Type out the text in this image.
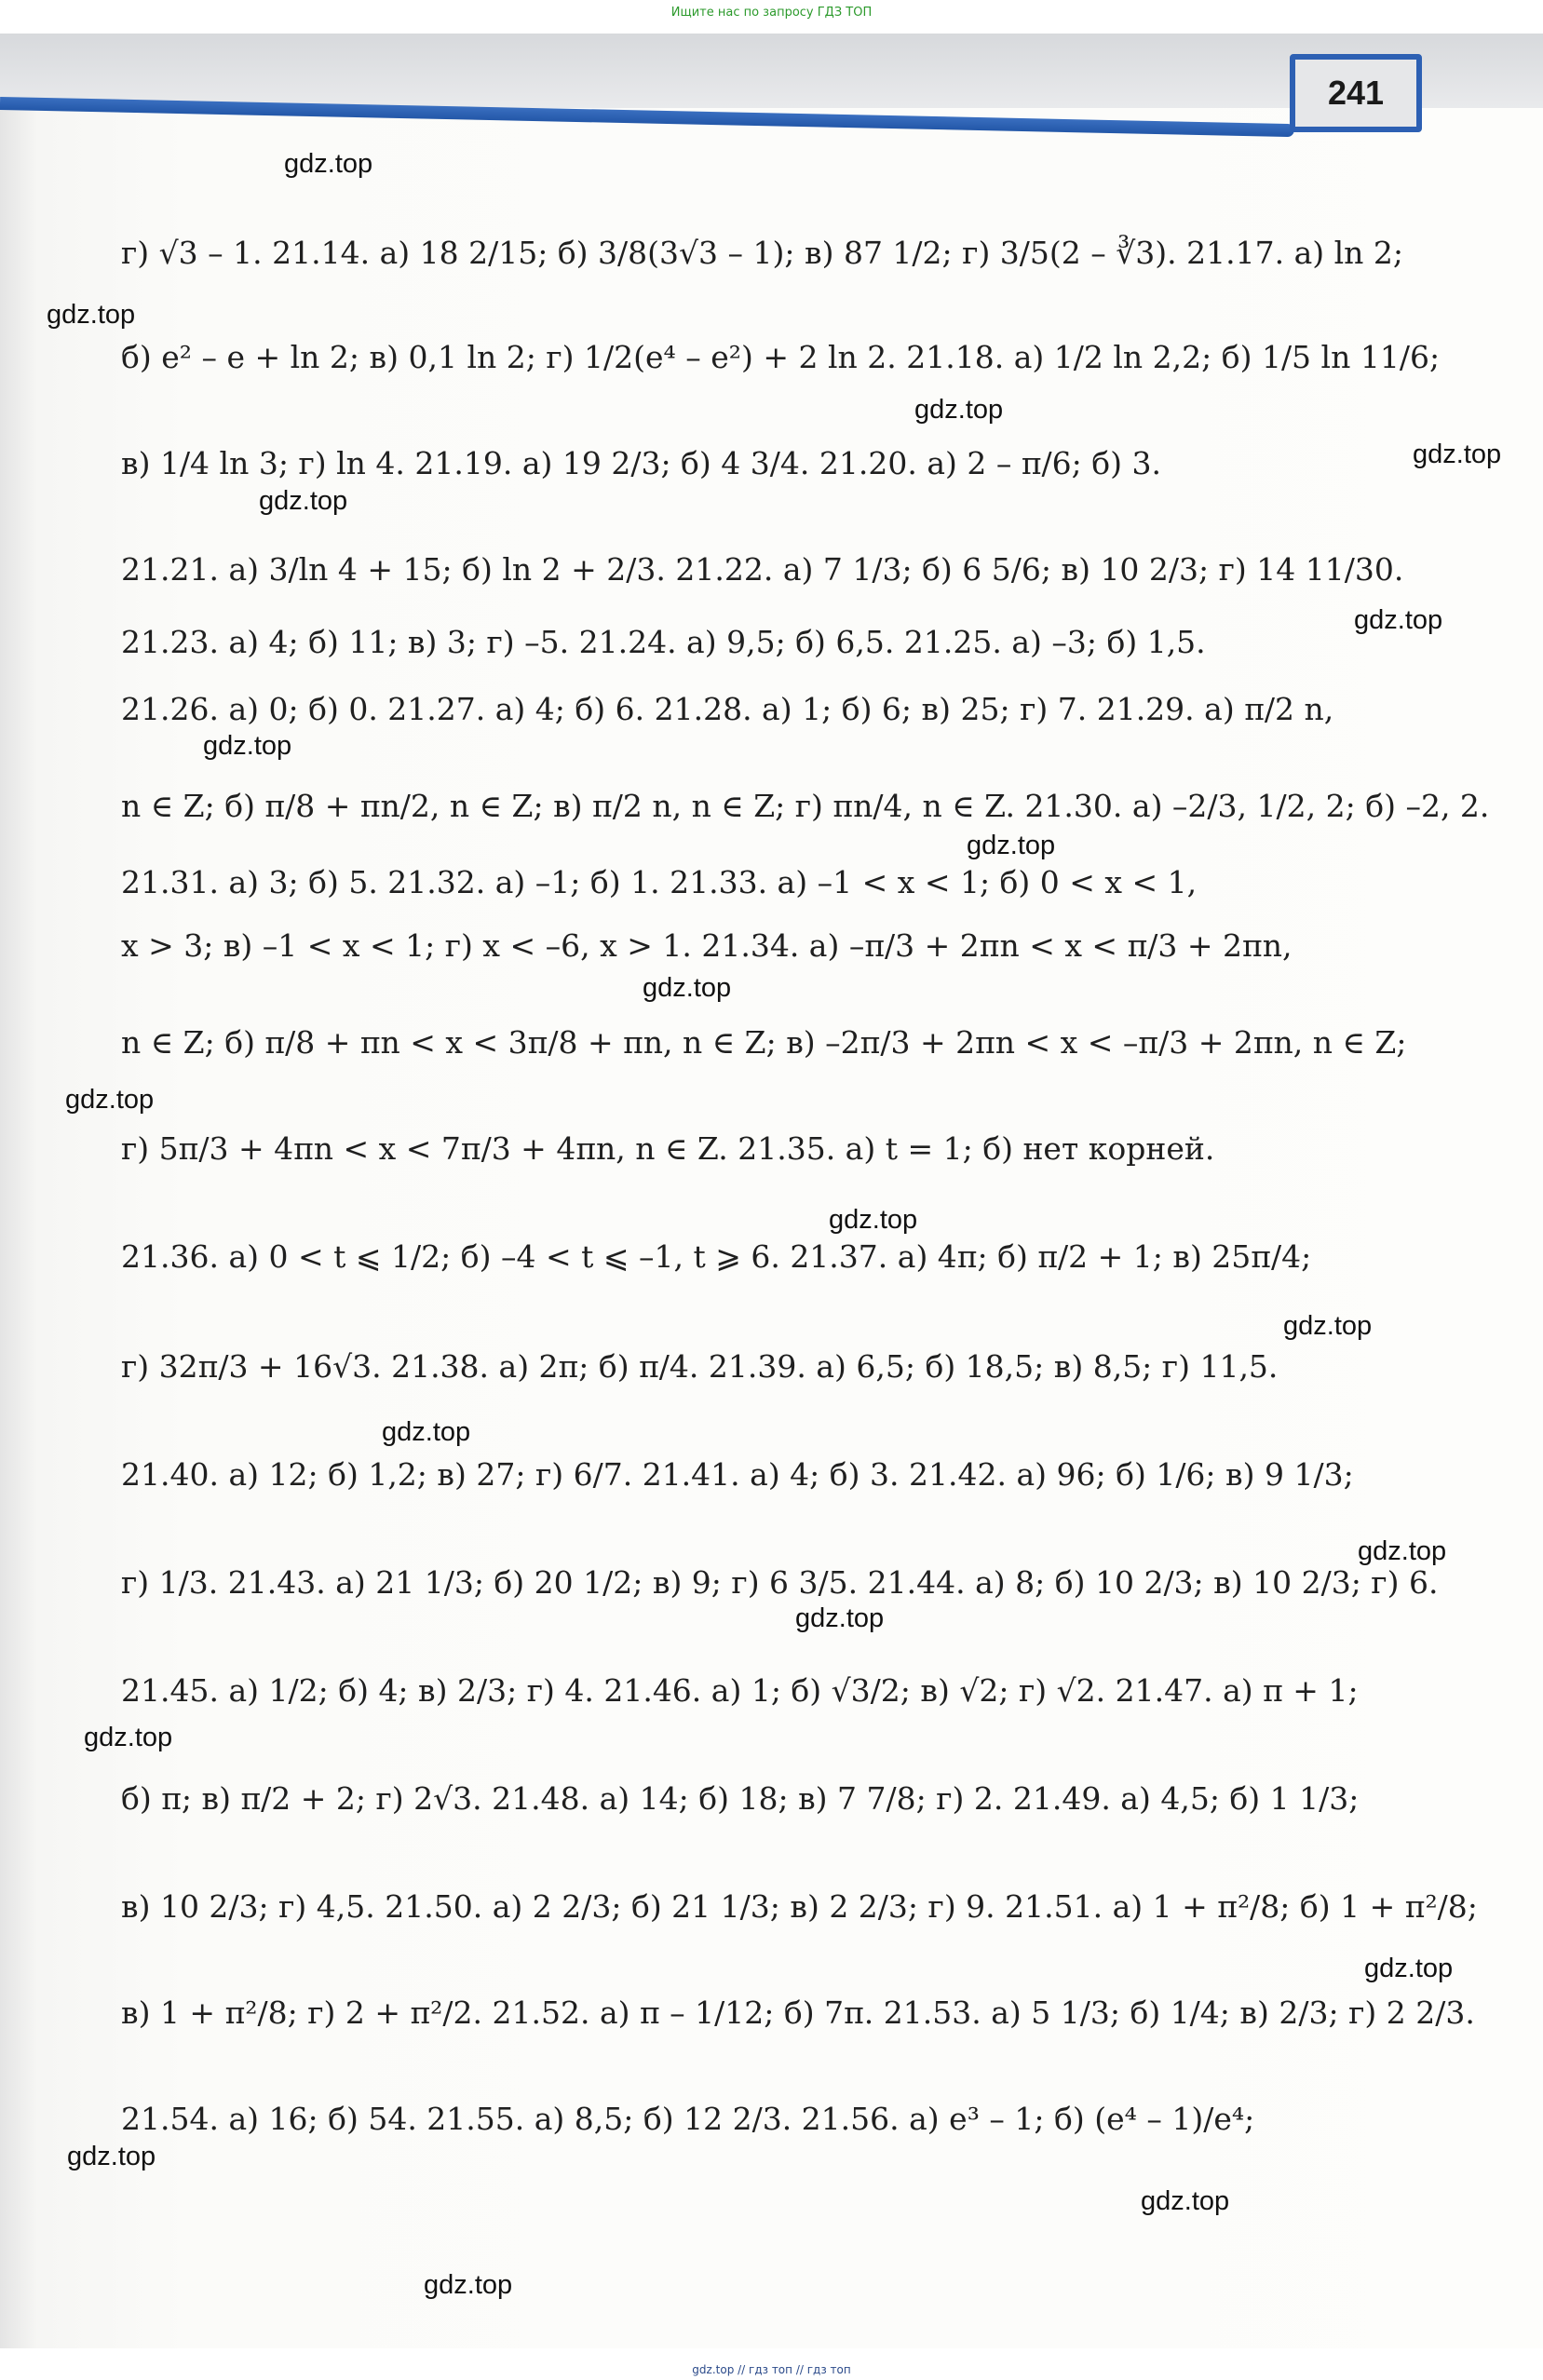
Ищите нас по запросу ГДЗ ТОП
241
г) √3 – 1. 21.14. а) 18 2/15; б) 3/8(3√3 – 1); в) 87 1/2; г) 3/5(2 – ∛3). 21.17. а) ln 2;
б) e² – e + ln 2; в) 0,1 ln 2; г) 1/2(e⁴ – e²) + 2 ln 2. 21.18. а) 1/2 ln 2,2; б) 1/5 ln 11/6;
в) 1/4 ln 3; г) ln 4. 21.19. а) 19 2/3; б) 4 3/4. 21.20. а) 2 – π/6; б) 3.
21.21. а) 3/ln 4 + 15; б) ln 2 + 2/3. 21.22. а) 7 1/3; б) 6 5/6; в) 10 2/3; г) 14 11/30.
21.23. а) 4; б) 11; в) 3; г) –5. 21.24. а) 9,5; б) 6,5. 21.25. а) –3; б) 1,5.
21.26. а) 0; б) 0. 21.27. а) 4; б) 6. 21.28. а) 1; б) 6; в) 25; г) 7. 21.29. а) π/2 n,
n ∈ Z; б) π/8 + πn/2, n ∈ Z; в) π/2 n, n ∈ Z; г) πn/4, n ∈ Z. 21.30. а) –2/3, 1/2, 2; б) –2, 2.
21.31. а) 3; б) 5. 21.32. а) –1; б) 1. 21.33. а) –1 < x < 1; б) 0 < x < 1,
x > 3; в) –1 < x < 1; г) x < –6, x > 1. 21.34. а) –π/3 + 2πn < x < π/3 + 2πn,
n ∈ Z; б) π/8 + πn < x < 3π/8 + πn, n ∈ Z; в) –2π/3 + 2πn < x < –π/3 + 2πn, n ∈ Z;
г) 5π/3 + 4πn < x < 7π/3 + 4πn, n ∈ Z. 21.35. а) t = 1; б) нет корней.
21.36. а) 0 < t ⩽ 1/2; б) –4 < t ⩽ –1, t ⩾ 6. 21.37. а) 4π; б) π/2 + 1; в) 25π/4;
г) 32π/3 + 16√3. 21.38. а) 2π; б) π/4. 21.39. а) 6,5; б) 18,5; в) 8,5; г) 11,5.
21.40. а) 12; б) 1,2; в) 27; г) 6/7. 21.41. а) 4; б) 3. 21.42. а) 96; б) 1/6; в) 9 1/3;
г) 1/3. 21.43. а) 21 1/3; б) 20 1/2; в) 9; г) 6 3/5. 21.44. а) 8; б) 10 2/3; в) 10 2/3; г) 6.
21.45. а) 1/2; б) 4; в) 2/3; г) 4. 21.46. а) 1; б) √3/2; в) √2; г) √2. 21.47. а) π + 1;
б) π; в) π/2 + 2; г) 2√3. 21.48. а) 14; б) 18; в) 7 7/8; г) 2. 21.49. а) 4,5; б) 1 1/3;
в) 10 2/3; г) 4,5. 21.50. а) 2 2/3; б) 21 1/3; в) 2 2/3; г) 9. 21.51. а) 1 + π²/8; б) 1 + π²/8;
в) 1 + π²/8; г) 2 + π²/2. 21.52. а) π – 1/12; б) 7π. 21.53. а) 5 1/3; б) 1/4; в) 2/3; г) 2 2/3.
21.54. а) 16; б) 54. 21.55. а) 8,5; б) 12 2/3. 21.56. а) e³ – 1; б) (e⁴ – 1)/e⁴;
gdz.top
gdz.top
gdz.top
gdz.top
gdz.top
gdz.top
gdz.top
gdz.top
gdz.top
gdz.top
gdz.top
gdz.top
gdz.top
gdz.top
gdz.top
gdz.top
gdz.top
gdz.top
gdz.top
gdz.top
gdz.top // гдз топ // гдз топ
